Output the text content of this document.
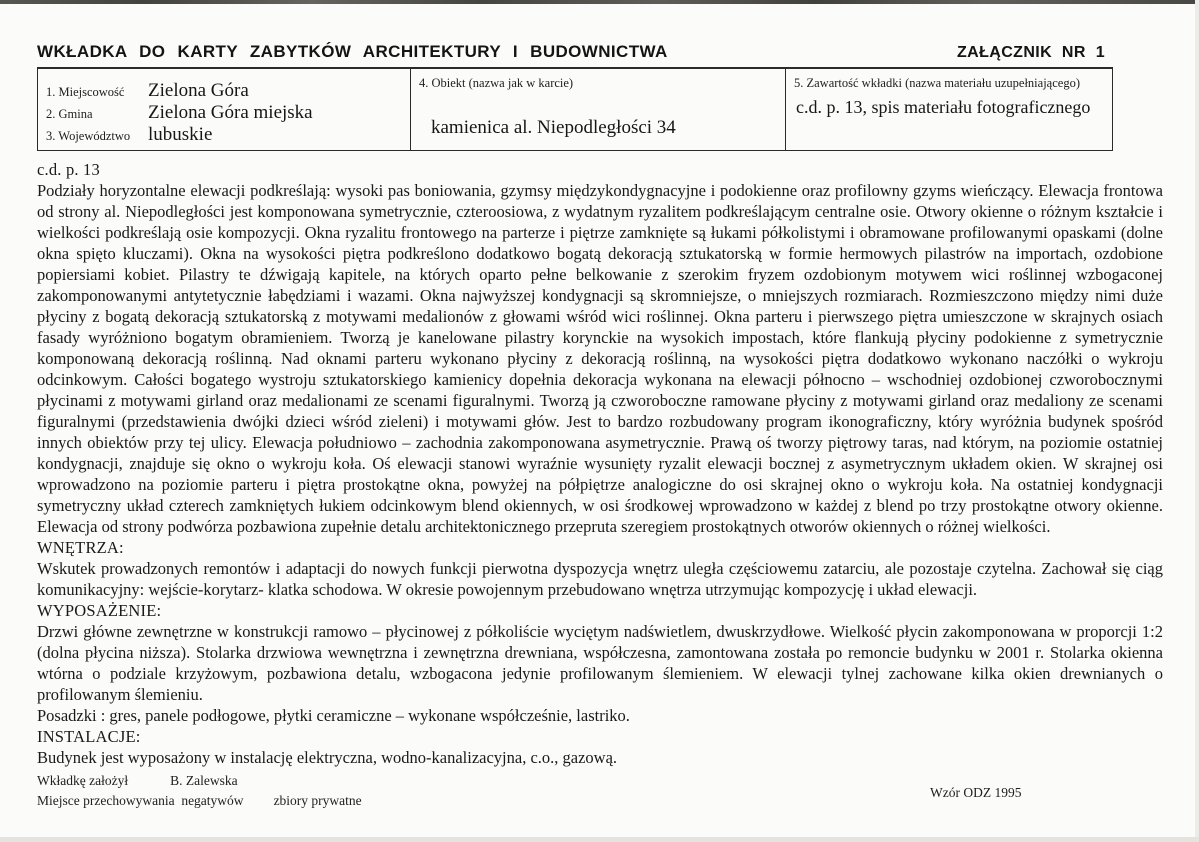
WKŁADKA DO KARTY ZABYTKÓW ARCHITEKTURY I BUDOWNICTWA	ZAŁĄCZNIK NR 1
1. Miejscowość	Zielona Góra
2. Gmina	Zielona Góra miejska
3. Województwo lubuskie
4. Obiekt (nazwa jak w karcie)
kamienica al. Niepodległości 34
5. Zawartość wkładki (nazwa materiału uzupełniającego)
c.d. p. 13, spis materiału fotograficznego

c.d. p. 13

Podziały horyzontalne elewacji podkreślają: wysoki pas boniowania, gzymsy międzykondygnacyjne i podokienne oraz profilowny gzyms wieńczący. Elewacja frontowa od strony al. Niepodległości jest komponowana symetrycznie, czteroosiowa, z wydatnym ryzalitem podkreślającym centralne osie. Otwory okienne o różnym kształcie i wielkości podkreślają osie kompozycji. Okna ryzalitu frontowego na parterze i piętrze zamknięte są łukami półkolistymi i obramowane profilowanymi opaskami (dolne okna spięto kluczami). Okna na wysokości piętra podkreślono dodatkowo bogatą dekoracją sztukatorską w formie hermowych pilastrów na importach, ozdobione popiersiami kobiet. Pilastry te dźwigają kapitele, na których oparto pełne belkowanie z szerokim fryzem ozdobionym motywem wici roślinnej wzbogaconej zakomponowanymi antytetycznie łabędziami i wazami. Okna najwyższej kondygnacji są skromniejsze, o mniejszych rozmiarach. Rozmieszczono między nimi duże płyciny z bogatą dekoracją sztukatorską z motywami medalionów z głowami wśród wici roślinnej. Okna parteru i pierwszego piętra umieszczone w skrajnych osiach fasady wyróżniono bogatym obramieniem. Tworzą je kanelowane pilastry korynckie na wysokich impostach, które flankują płyciny podokienne z symetrycznie komponowaną dekoracją roślinną. Nad oknami parteru wykonano płyciny z dekoracją roślinną, na wysokości piętra dodatkowo wykonano naczółki o wykroju odcinkowym. Całości bogatego wystroju sztukatorskiego kamienicy dopełnia dekoracja wykonana na elewacji północno – wschodniej ozdobionej czworobocznymi płycinami z motywami girland oraz medalionami ze scenami figuralnymi. Tworzą ją czworoboczne ramowane płyciny z motywami girland oraz medaliony ze scenami figuralnymi (przedstawienia dwójki dzieci wśród zieleni) i motywami głów. Jest to bardzo rozbudowany program ikonograficzny, który wyróżnia budynek spośród innych obiektów przy tej ulicy. Elewacja południowo – zachodnia zakomponowana asymetrycznie. Prawą oś tworzy piętrowy taras, nad którym, na poziomie ostatniej kondygnacji, znajduje się okno o wykroju koła. Oś elewacji stanowi wyraźnie wysunięty ryzalit elewacji bocznej z asymetrycznym układem okien. W skrajnej osi wprowadzono na poziomie parteru i piętra prostokątne okna, powyżej na półpiętrze analogiczne do osi skrajnej okno o wykroju koła. Na ostatniej kondygnacji symetryczny układ czterech zamkniętych łukiem odcinkowym blend okiennych, w osi środkowej wprowadzono w każdej z blend po trzy prostokątne otwory okienne. Elewacja od strony podwórza pozbawiona zupełnie detalu architektonicznego przepruta szeregiem prostokątnych otworów okiennych o różnej wielkości.

WNĘTRZA:

Wskutek prowadzonych remontów i adaptacji do nowych funkcji pierwotna dyspozycja wnętrz uległa częściowemu zatarciu, ale pozostaje czytelna. Zachował się ciąg komunikacyjny: wejście-korytarz- klatka schodowa. W okresie powojennym przebudowano wnętrza utrzymując kompozycję i układ elewacji.

WYPOSAŻENIE:

Drzwi główne zewnętrzne w konstrukcji ramowo – płycinowej z półkoliście wyciętym nadświetlem, dwuskrzydłowe. Wielkość płycin zakomponowana w proporcji 1:2 (dolna płycina niższa). Stolarka drzwiowa wewnętrzna i zewnętrzna drewniana, współczesna, zamontowana została po remoncie budynku w 2001 r. Stolarka okienna wtórna o podziale krzyżowym, pozbawiona detalu, wzbogacona jedynie profilowanym ślemieniem. W elewacji tylnej zachowane kilka okien drewnianych o profilowanym ślemieniu.

Posadzki : gres, panele podłogowe, płytki ceramiczne – wykonane współcześnie, lastriko.

INSTALACJE:

Budynek jest wyposażony w instalację elektryczna, wodno-kanalizacyjna, c.o., gazową.

Wkładkę założył	B. Zalewska
Miejsce przechowywania  negatywów zbiory prywatne
Wzór ODZ 1995
